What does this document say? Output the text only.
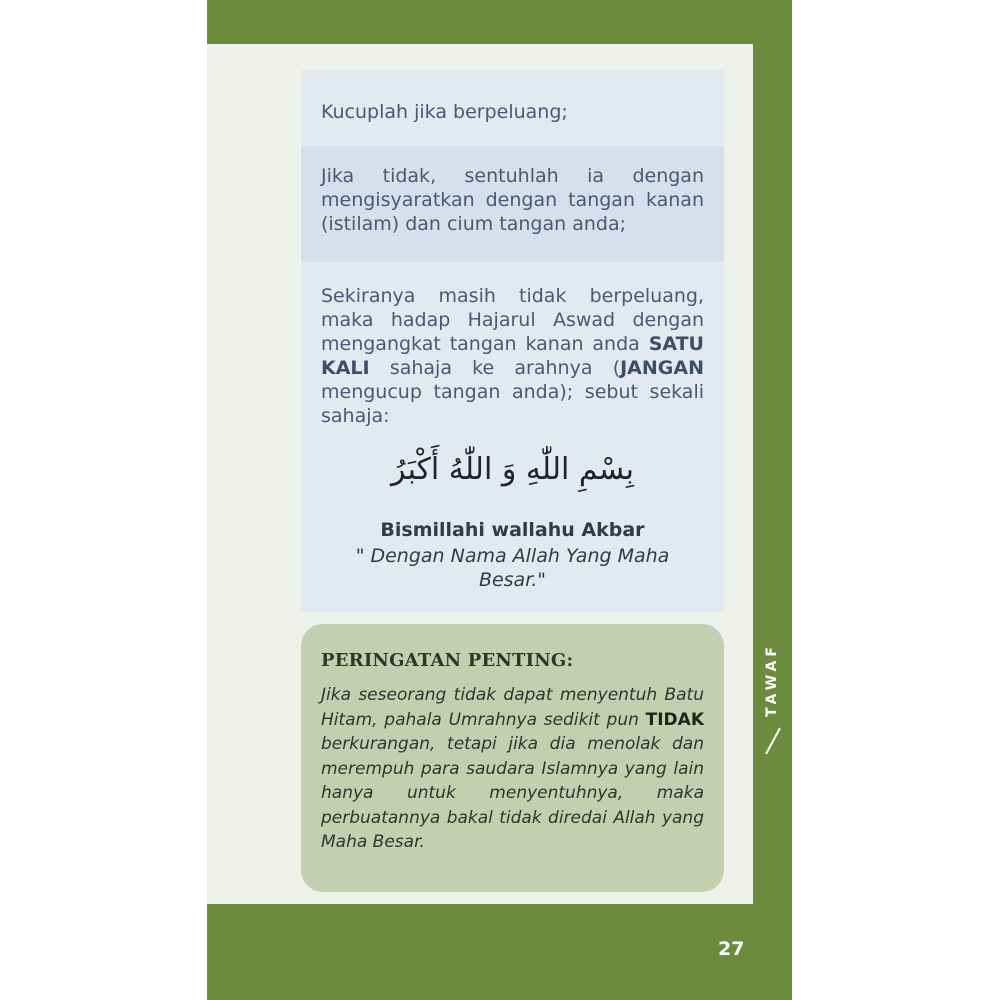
Kucuplah jika berpeluang;
Jika tidak, sentuhlah ia dengan mengisyaratkan dengan tangan kanan (istilam) dan cium tangan anda;

Sekiranya masih tidak berpeluang, maka hadap Hajarul Aswad dengan mengangkat tangan kanan anda SATU KALI sahaja ke arahnya (JANGAN mengucup tangan anda); sebut sekali sahaja:

بِسْمِ اللّٰهِ وَ اللّٰهُ أَكْبَرُ
Bismillahi wallahu Akbar
" Dengan Nama Allah Yang Maha Besar."
PERINGATAN PENTING:

Jika seseorang tidak dapat menyentuh Batu Hitam, pahala Umrahnya sedikit pun TIDAK berkurangan, tetapi jika dia menolak dan merempuh para saudara Islamnya yang lain hanya untuk menyentuhnya, maka perbuatannya bakal tidak diredai Allah yang Maha Besar.

TAWAF
27
